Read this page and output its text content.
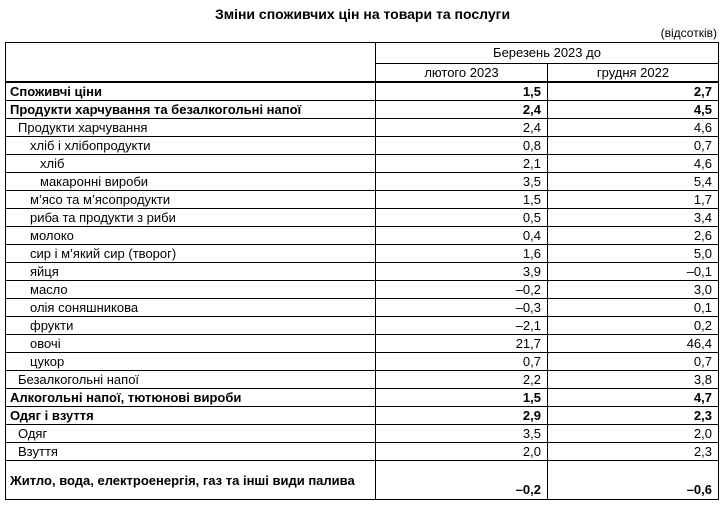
Зміни споживчих цін на товари та послуги
(відсотків)
	Березень 2023 до	
	лютого 2023	грудня 2022
Споживчі ціни	1,5	2,7
Продукти харчування та безалкогольні напої	2,4	4,5
Продукти харчування	2,4	4,6
хліб і хлібопродукти	0,8	0,7
хліб	2,1	4,6
макаронні вироби	3,5	5,4
м’ясо та м’ясопродукти	1,5	1,7
риба та продукти з риби	0,5	3,4
молоко	0,4	2,6
сир і м’який сир (творог)	1,6	5,0
яйця	3,9	–0,1
масло	–0,2	3,0
олія соняшникова	–0,3	0,1
фрукти	–2,1	0,2
овочі	21,7	46,4
цукор	0,7	0,7
Безалкогольні напої	2,2	3,8
Алкогольні напої, тютюнові вироби	1,5	4,7
Одяг і взуття	2,9	2,3
Одяг	3,5	2,0
Взуття	2,0	2,3
Житло, вода, електроенергія, газ та інші види палива	–0,2	–0,6
